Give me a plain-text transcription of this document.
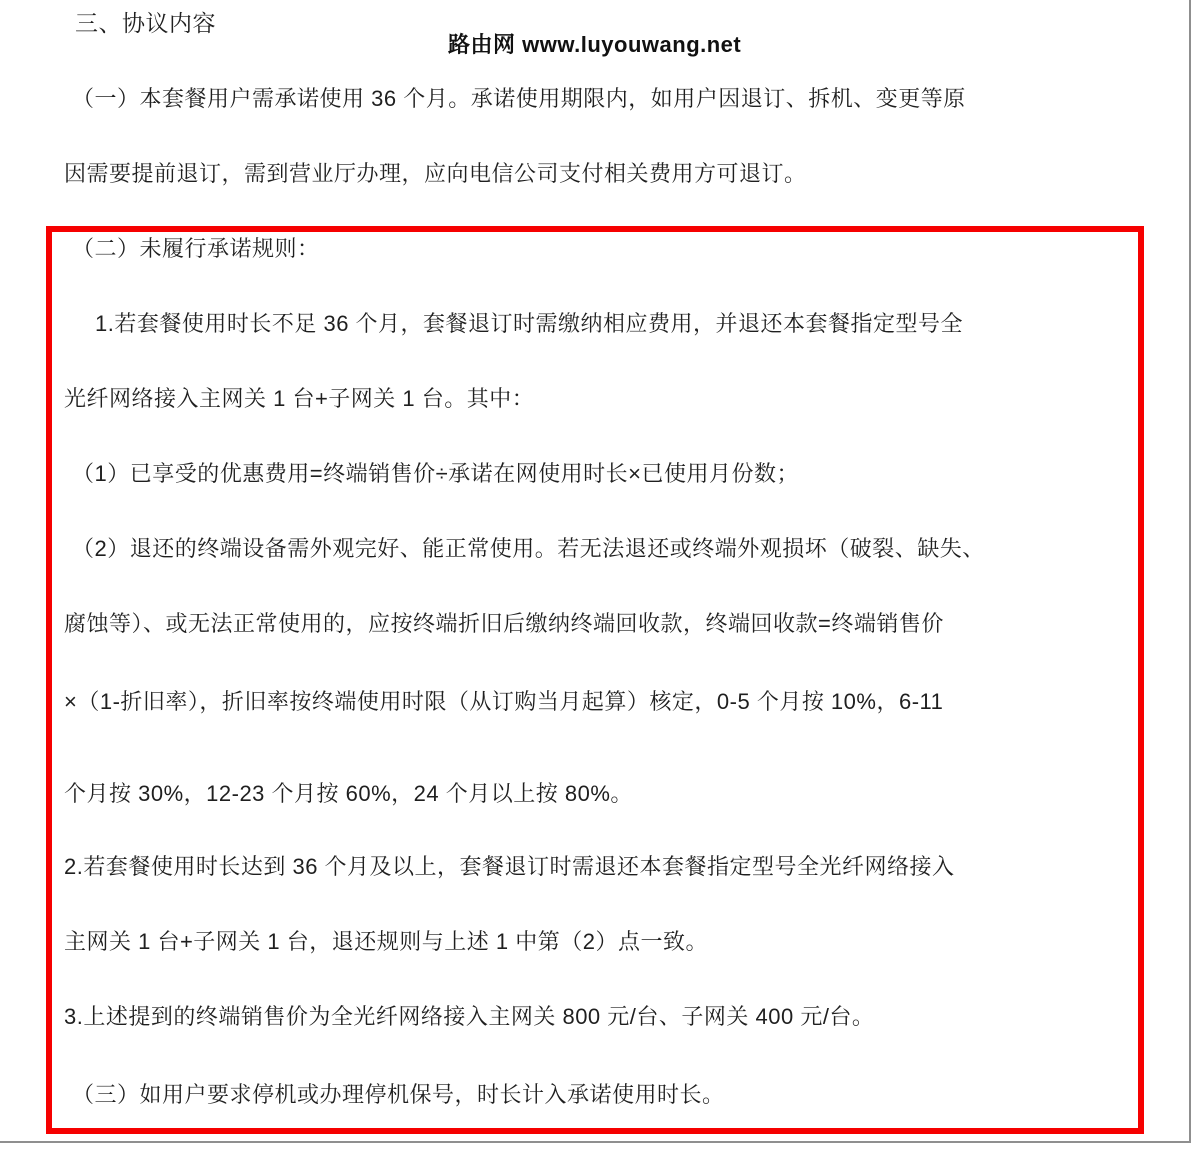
三、协议内容
路由网 www.luyouwang.net
（一）本套餐用户需承诺使用 36 个月。承诺使用期限内，如用户因退订、拆机、变更等原
因需要提前退订，需到营业厅办理，应向电信公司支付相关费用方可退订。
（二）未履行承诺规则：
1.若套餐使用时长不足 36 个月，套餐退订时需缴纳相应费用，并退还本套餐指定型号全
光纤网络接入主网关 1 台+子网关 1 台。其中：
（1）已享受的优惠费用=终端销售价÷承诺在网使用时长×已使用月份数；
（2）退还的终端设备需外观完好、能正常使用。若无法退还或终端外观损坏（破裂、缺失、
腐蚀等）、或无法正常使用的，应按终端折旧后缴纳终端回收款，终端回收款=终端销售价
×（1-折旧率），折旧率按终端使用时限（从订购当月起算）核定，0-5 个月按 10%，6-11
个月按 30%，12-23 个月按 60%，24 个月以上按 80%。
2.若套餐使用时长达到 36 个月及以上，套餐退订时需退还本套餐指定型号全光纤网络接入
主网关 1 台+子网关 1 台，退还规则与上述 1 中第（2）点一致。
3.上述提到的终端销售价为全光纤网络接入主网关 800 元/台、子网关 400 元/台。
（三）如用户要求停机或办理停机保号，时长计入承诺使用时长。
